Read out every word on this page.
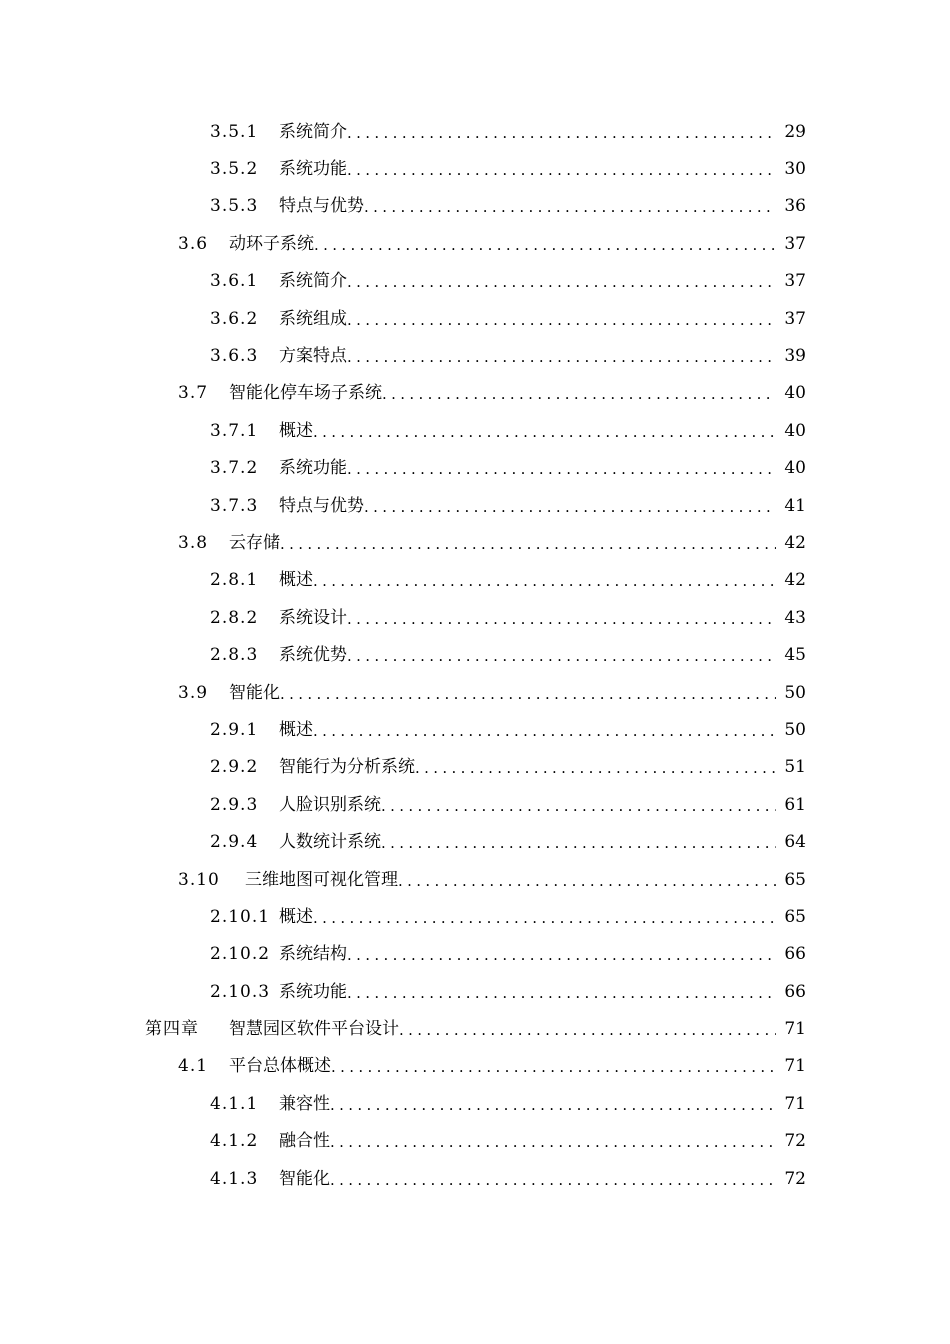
3.5.1	系统简介 . . .	29
3.5.2	系统功能 . . .	30
3.5.3	特点与优势 . . .	36
3.6	动环子系统 . . .	37
3.6.1	系统简介 . . .	37
3.6.2	系统组成 . . .	37
3.6.3	方案特点 . . .	39
3.7	智能化停车场子系统 . . .	40
3.7.1	概述 . . .	40
3.7.2	系统功能 . . .	40
3.7.3	特点与优势 . . .	41
3.8	云存储 . . .	42
2.8.1	概述 . . .	42
2.8.2	系统设计 . . .	43
2.8.3	系统优势 . . .	45
3.9	智能化 . . .	50
2.9.1	概述 . . .	50
2.9.2	智能行为分析系统 . . .	51
2.9.3	人脸识别系统 . . .	61
2.9.4	人数统计系统 . . .	64
3.10	三维地图可视化管理 . . .	65
2.10.1 概述 . . .	65
2.10.2 系统结构 . . .	66
2.10.3 系统功能 . . .	66
第四章	智慧园区软件平台设计 . . .	71
4.1	平台总体概述 . . .	71
4.1.1	兼容性 . . .	71
4.1.2	融合性 . . .	72
4.1.3	智能化 . . .	72
